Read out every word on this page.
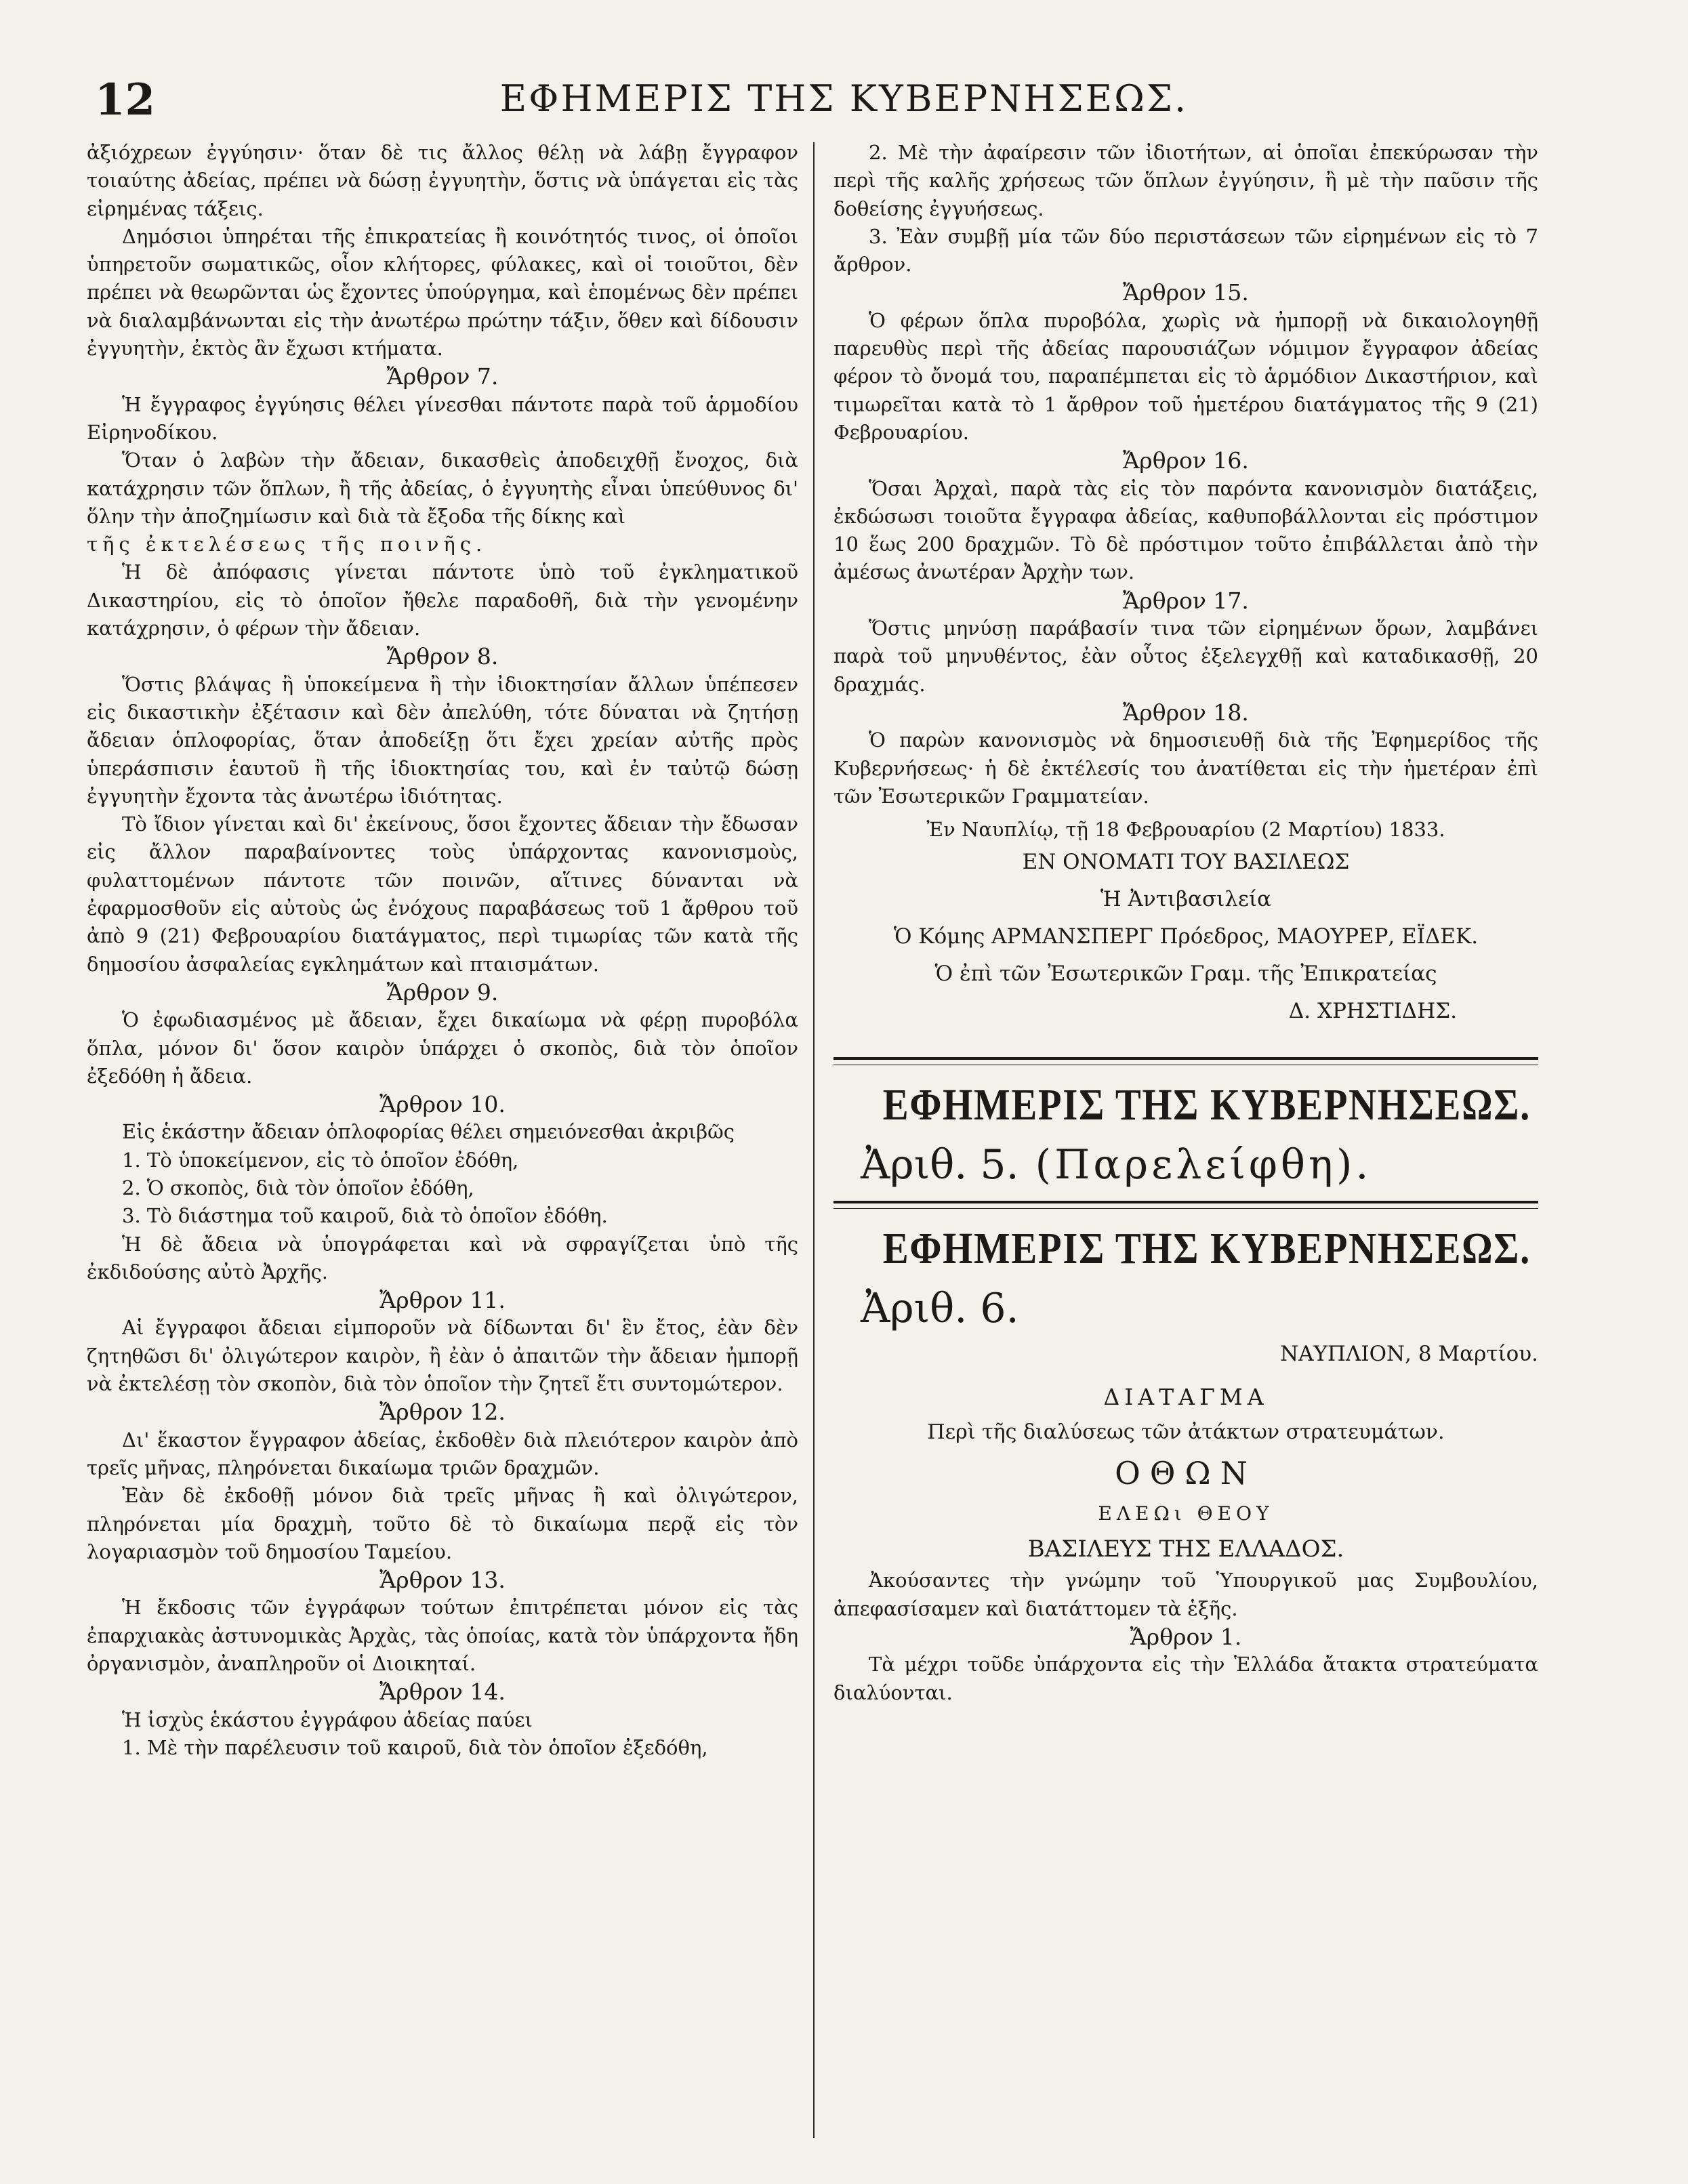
12	ΕΦΗΜΕΡΙΣ ΤΗΣ ΚΥΒΕΡΝΗΣΕΩΣ.

ἀξιόχρεων ἐγγύησιν· ὅταν δὲ τις ἄλλος θέλῃ νὰ λάβῃ ἔγγραφον τοιαύτης ἀδείας, πρέπει νὰ δώσῃ ἐγγυητὴν, ὅστις νὰ ὑπάγεται εἰς τὰς εἰρημένας τάξεις.

Δημόσιοι ὑπηρέται τῆς ἐπικρατείας ἢ κοινότητός τινος, οἱ ὁποῖοι ὑπηρετοῦν σωματικῶς, οἷον κλήτορες, φύλακες, καὶ οἱ τοιοῦτοι, δὲν πρέπει νὰ θεωρῶνται ὡς ἔχοντες ὑπούργημα, καὶ ἑπομένως δὲν πρέπει νὰ διαλαμβάνωνται εἰς τὴν ἀνωτέρω πρώτην τάξιν, ὅθεν καὶ δίδουσιν ἐγγυητὴν, ἐκτὸς ἂν ἔχωσι κτήματα.

Ἄρθρον 7.

Ἡ ἔγγραφος ἐγγύησις θέλει γίνεσθαι πάντοτε παρὰ τοῦ ἁρμοδίου Εἰρηνοδίκου.

Ὅταν ὁ λαβὼν τὴν ἄδειαν, δικασθεὶς ἀποδειχθῇ ἔνοχος, διὰ κατάχρησιν τῶν ὅπλων, ἢ τῆς ἀδείας, ὁ ἐγγυητὴς εἶναι ὑπεύθυνος δι' ὅλην τὴν ἀποζημίωσιν καὶ διὰ τὰ ἔξοδα τῆς δίκης καὶ

τῆς ἐκτελέσεως τῆς ποινῆς.

Ἡ δὲ ἀπόφασις γίνεται πάντοτε ὑπὸ τοῦ ἐγκληματικοῦ Δικαστηρίου, εἰς τὸ ὁποῖον ἤθελε παραδοθῆ, διὰ τὴν γενομένην κατάχρησιν, ὁ φέρων τὴν ἄδειαν.

Ἄρθρον 8.

Ὅστις βλάψας ἢ ὑποκείμενα ἢ τὴν ἰδιοκτησίαν ἄλλων ὑπέπεσεν εἰς δικαστικὴν ἐξέτασιν καὶ δὲν ἀπελύθη, τότε δύναται νὰ ζητήσῃ ἄδειαν ὁπλοφορίας, ὅταν ἀποδείξῃ ὅτι ἔχει χρείαν αὐτῆς πρὸς ὑπεράσπισιν ἑαυτοῦ ἢ τῆς ἰδιοκτησίας του, καὶ ἐν ταὐτῷ δώσῃ ἐγγυητὴν ἔχοντα τὰς ἀνωτέρω ἰδιότητας.

Τὸ ἴδιον γίνεται καὶ δι' ἐκείνους, ὅσοι ἔχοντες ἄδειαν τὴν ἔδωσαν εἰς ἄλλον παραβαίνοντες τοὺς ὑπάρχοντας κανονισμοὺς, φυλαττομένων πάντοτε τῶν ποινῶν, αἵτινες δύνανται νὰ ἐφαρμοσθοῦν εἰς αὐτοὺς ὡς ἐνόχους παραβάσεως τοῦ 1 ἄρθρου τοῦ ἀπὸ 9 (21) Φεβρουαρίου διατάγματος, περὶ τιμωρίας τῶν κατὰ τῆς δημοσίου ἀσφαλείας εγκλημάτων καὶ πταισμάτων.

Ἄρθρον 9.

Ὁ ἐφωδιασμένος μὲ ἄδειαν, ἔχει δικαίωμα νὰ φέρῃ πυροβόλα ὅπλα, μόνον δι' ὅσον καιρὸν ὑπάρχει ὁ σκοπὸς, διὰ τὸν ὁποῖον ἐξεδόθη ἡ ἄδεια.

Ἄρθρον 10.

Εἰς ἑκάστην ἄδειαν ὁπλοφορίας θέλει σημειόνεσθαι ἀκριβῶς

1. Τὸ ὑποκείμενον, εἰς τὸ ὁποῖον ἐδόθη,

2. Ὁ σκοπὸς, διὰ τὸν ὁποῖον ἐδόθη,

3. Τὸ διάστημα τοῦ καιροῦ, διὰ τὸ ὁποῖον ἐδόθη.

Ἡ δὲ ἄδεια νὰ ὑπογράφεται καὶ νὰ σφραγίζεται ὑπὸ τῆς ἐκδιδούσης αὐτὸ Ἀρχῆς.

Ἄρθρον 11.

Αἱ ἔγγραφοι ἄδειαι εἰμποροῦν νὰ δίδωνται δι' ἓν ἔτος, ἐὰν δὲν ζητηθῶσι δι' ὀλιγώτερον καιρὸν, ἢ ἐὰν ὁ ἀπαιτῶν τὴν ἄδειαν ἠμπορῇ νὰ ἐκτελέσῃ τὸν σκοπὸν, διὰ τὸν ὁποῖον τὴν ζητεῖ ἔτι συντομώτερον.

Ἄρθρον 12.

Δι' ἕκαστον ἔγγραφον ἀδείας, ἐκδοθὲν διὰ πλειότερον καιρὸν ἀπὸ τρεῖς μῆνας, πληρόνεται δικαίωμα τριῶν δραχμῶν.

Ἐὰν δὲ ἐκδοθῇ μόνον διὰ τρεῖς μῆνας ἢ καὶ ὀλιγώτερον, πληρόνεται μία δραχμὴ, τοῦτο δὲ τὸ δικαίωμα περᾷ εἰς τὸν λογαριασμὸν τοῦ δημοσίου Ταμείου.

Ἄρθρον 13.

Ἡ ἔκδοσις τῶν ἐγγράφων τούτων ἐπιτρέπεται μόνον εἰς τὰς ἐπαρχιακὰς ἀστυνομικὰς Ἀρχὰς, τὰς ὁποίας, κατὰ τὸν ὑπάρχοντα ἤδη ὀργανισμὸν, ἀναπληροῦν οἱ Διοικηταί.

Ἄρθρον 14.

Ἡ ἰσχὺς ἑκάστου ἐγγράφου ἀδείας παύει

1. Μὲ τὴν παρέλευσιν τοῦ καιροῦ, διὰ τὸν ὁποῖον ἐξεδόθη,

2. Μὲ τὴν ἀφαίρεσιν τῶν ἰδιοτήτων, αἱ ὁποῖαι ἐπεκύρωσαν τὴν περὶ τῆς καλῆς χρήσεως τῶν ὅπλων ἐγγύησιν, ἢ μὲ τὴν παῦσιν τῆς δοθείσης ἐγγυήσεως.

3. Ἐὰν συμβῇ μία τῶν δύο περιστάσεων τῶν εἰρημένων εἰς τὸ 7 ἄρθρον.

Ἄρθρον 15.

Ὁ φέρων ὅπλα πυροβόλα, χωρὶς νὰ ἠμπορῇ νὰ δικαιολογηθῇ παρευθὺς περὶ τῆς ἀδείας παρουσιάζων νόμιμον ἔγγραφον ἀδείας φέρον τὸ ὄνομά του, παραπέμπεται εἰς τὸ ἁρμόδιον Δικαστήριον, καὶ τιμωρεῖται κατὰ τὸ 1 ἄρθρον τοῦ ἡμετέρου διατάγματος τῆς 9 (21) Φεβρουαρίου.

Ἄρθρον 16.

Ὅσαι Ἀρχαὶ, παρὰ τὰς εἰς τὸν παρόντα κανονισμὸν διατάξεις, ἐκδώσωσι τοιοῦτα ἔγγραφα ἀδείας, καθυποβάλλονται εἰς πρόστιμον 10 ἕως 200 δραχμῶν. Τὸ δὲ πρόστιμον τοῦτο ἐπιβάλλεται ἀπὸ τὴν ἀμέσως ἀνωτέραν Ἀρχὴν των.

Ἄρθρον 17.

Ὅστις μηνύσῃ παράβασίν τινα τῶν εἰρημένων ὅρων, λαμβάνει παρὰ τοῦ μηνυθέντος, ἐὰν οὗτος ἐξελεγχθῇ καὶ καταδικασθῇ, 20 δραχμάς.

Ἄρθρον 18.

Ὁ παρὼν κανονισμὸς νὰ δημοσιευθῇ διὰ τῆς Ἐφημερίδος τῆς Κυβερνήσεως· ἡ δὲ ἐκτέλεσίς του ἀνατίθεται εἰς τὴν ἡμετέραν ἐπὶ τῶν Ἐσωτερικῶν Γραμματείαν.

Ἐν Ναυπλίῳ, τῇ 18 Φεβρουαρίου (2 Μαρτίου) 1833.

ΕΝ ΟΝΟΜΑΤΙ ΤΟΥ ΒΑΣΙΛΕΩΣ
Ἡ Ἀντιβασιλεία
Ὁ Κόμης ΑΡΜΑΝΣΠΕΡΓ Πρόεδρος, ΜΑΟΥΡΕΡ, ΕΪΔΕΚ.
Ὁ ἐπὶ τῶν Ἐσωτερικῶν Γραμ. τῆς Ἐπικρατείας
Δ. ΧΡΗΣΤΙΔΗΣ.
ΕΦΗΜΕΡΙΣ ΤΗΣ ΚΥΒΕΡΝΗΣΕΩΣ.
Ἀριθ. 5. (Παρελείφθη).
ΕΦΗΜΕΡΙΣ ΤΗΣ ΚΥΒΕΡΝΗΣΕΩΣ.
Ἀριθ. 6.

ΝΑΥΠΛΙΟΝ, 8 Μαρτίου.

ΔΙΑΤΑΓΜΑ
Περὶ τῆς διαλύσεως τῶν ἀτάκτων στρατευμάτων.
ΟΘΩΝ
ΕΛΕΩι ΘΕΟΥ
ΒΑΣΙΛΕΥΣ ΤΗΣ ΕΛΛΑΔΟΣ.

Ἀκούσαντες τὴν γνώμην τοῦ Ὑπουργικοῦ μας Συμβουλίου, ἀπεφασίσαμεν καὶ διατάττομεν τὰ ἑξῆς.

Ἄρθρον 1.

Τὰ μέχρι τοῦδε ὑπάρχοντα εἰς τὴν Ἑλλάδα ἄτακτα στρατεύματα διαλύονται.
